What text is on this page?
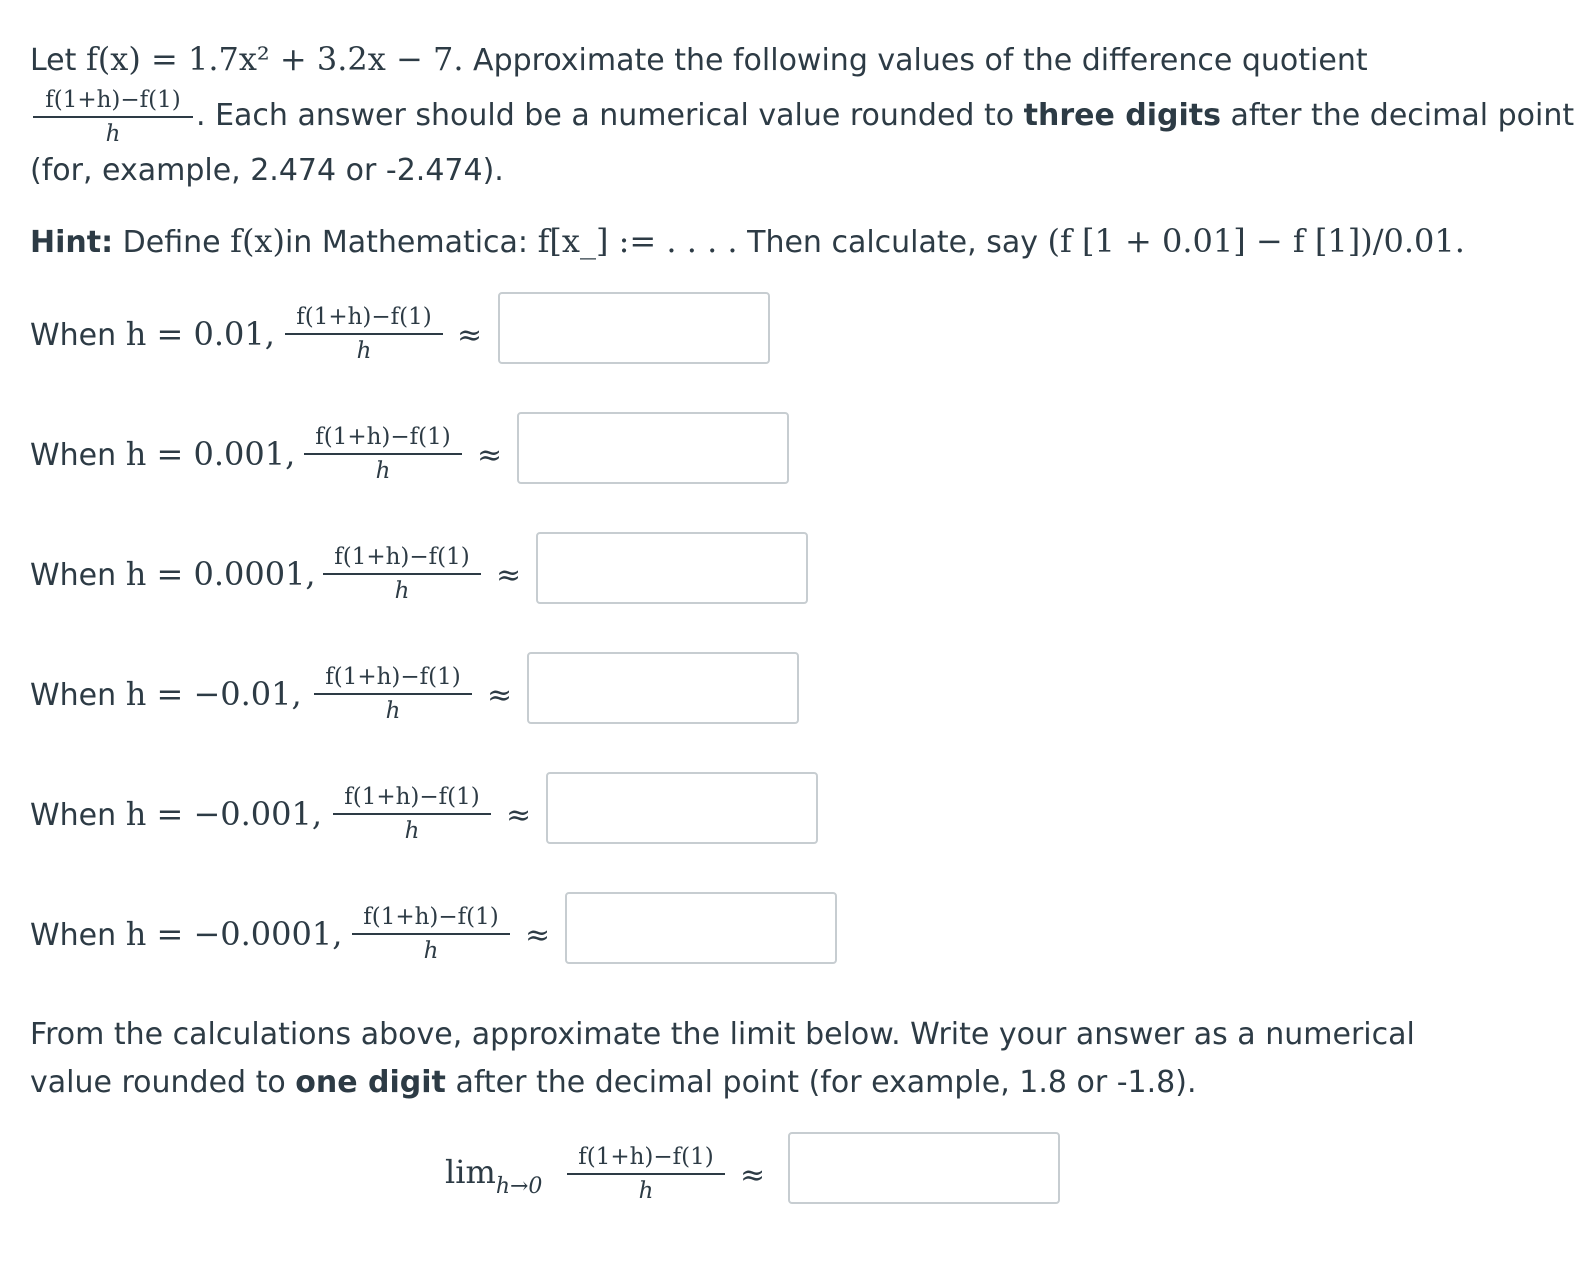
Let f(x) = 1.7x² + 3.2x − 7. Approximate the following values of the difference quotient
f(1+h)−f(1)
h
. Each answer should be a numerical value rounded to three digits after the decimal point
(for, example, 2.474 or -2.474).
Hint: Define f(x)in Mathematica: f[x_] := . . . . Then calculate, say (f [1 + 0.01] − f [1])/0.01.
When h = 0.01, f(1+h)−f(1)
h	≈
When h = 0.001, f(1+h)−f(1)
h	≈
When h = 0.0001, f(1+h)−f(1)
h	≈
When h = −0.01,	f(1+h)−f(1)
h	≈
When h = −0.001, f(1+h)−f(1)
h	≈
When h = −0.0001, f(1+h)−f(1)
h	≈
From the calculations above, approximate the limit below. Write your answer as a numerical
value rounded to one digit after the decimal point (for example, 1.8 or -1.8).
limh→0
f(1+h)−f(1)
h	≈
